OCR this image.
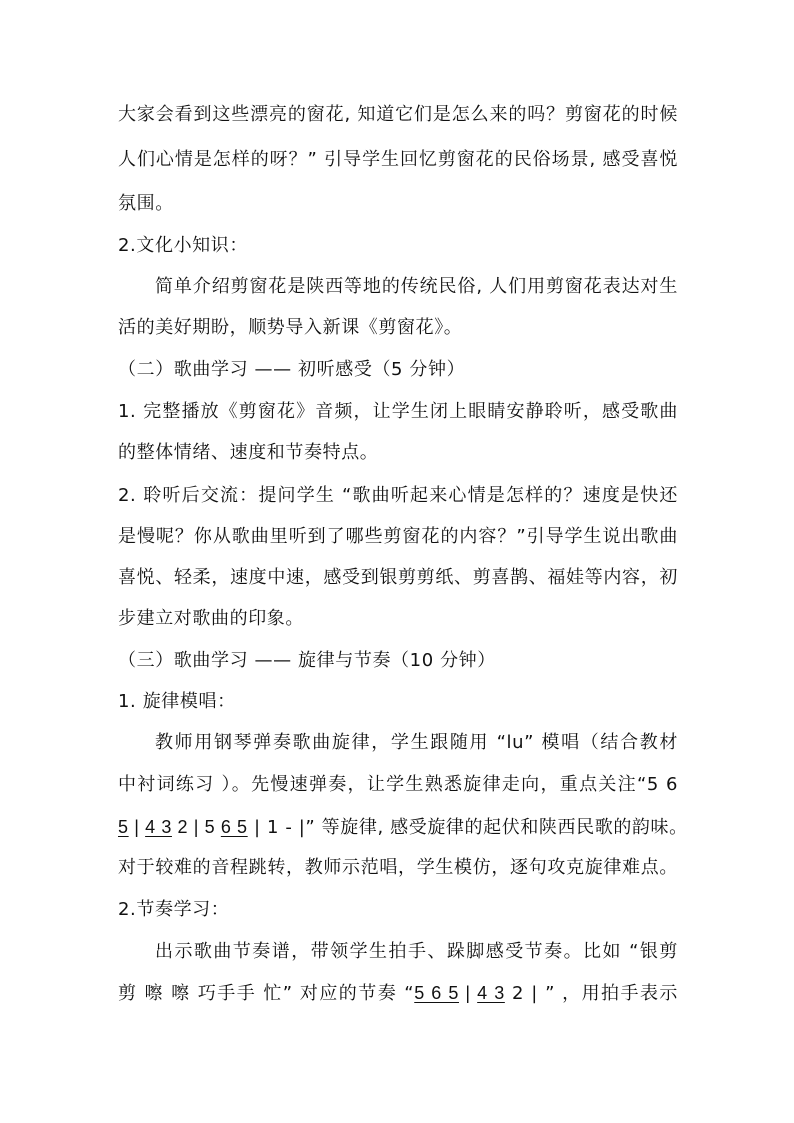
大家会看到这些漂亮的窗花, 知道它们是怎么来的吗？剪窗花的时候
人们心情是怎样的呀？” 引导学生回忆剪窗花的民俗场景, 感受喜悦
氛围。
2.文化小知识：
简单介绍剪窗花是陕西等地的传统民俗, 人们用剪窗花表达对生
活的美好期盼，顺势导入新课《剪窗花》。
（二）歌曲学习 —— 初听感受（5 分钟）
1. 完整播放《剪窗花》音频，让学生闭上眼睛安静聆听，感受歌曲
的整体情绪、速度和节奏特点。
2. 聆听后交流：提问学生 “歌曲听起来心情是怎样的？速度是快还
是慢呢？你从歌曲里听到了哪些剪窗花的内容？”引导学生说出歌曲
喜悦、轻柔，速度中速，感受到银剪剪纸、剪喜鹊、福娃等内容，初
步建立对歌曲的印象。
（三）歌曲学习 —— 旋律与节奏（10 分钟）
1. 旋律模唱：
教师用钢琴弹奏歌曲旋律，学生跟随用 “lu” 模唱（结合教材
中衬词练习 ）。先慢速弹奏，让学生熟悉旋律走向，重点关注“5 6
5 | 4 3 2 | 5 6 5 | 1 - |” 等旋律, 感受旋律的起伏和陕西民歌的韵味。
对于较难的音程跳转，教师示范唱，学生模仿，逐句攻克旋律难点。
2.节奏学习：
出示歌曲节奏谱，带领学生拍手、跺脚感受节奏。比如 “银剪
剪 嚓 嚓 巧手手 忙” 对应的节奏 “5 6 5 | 4 3 2 | ” ，用拍手表示
